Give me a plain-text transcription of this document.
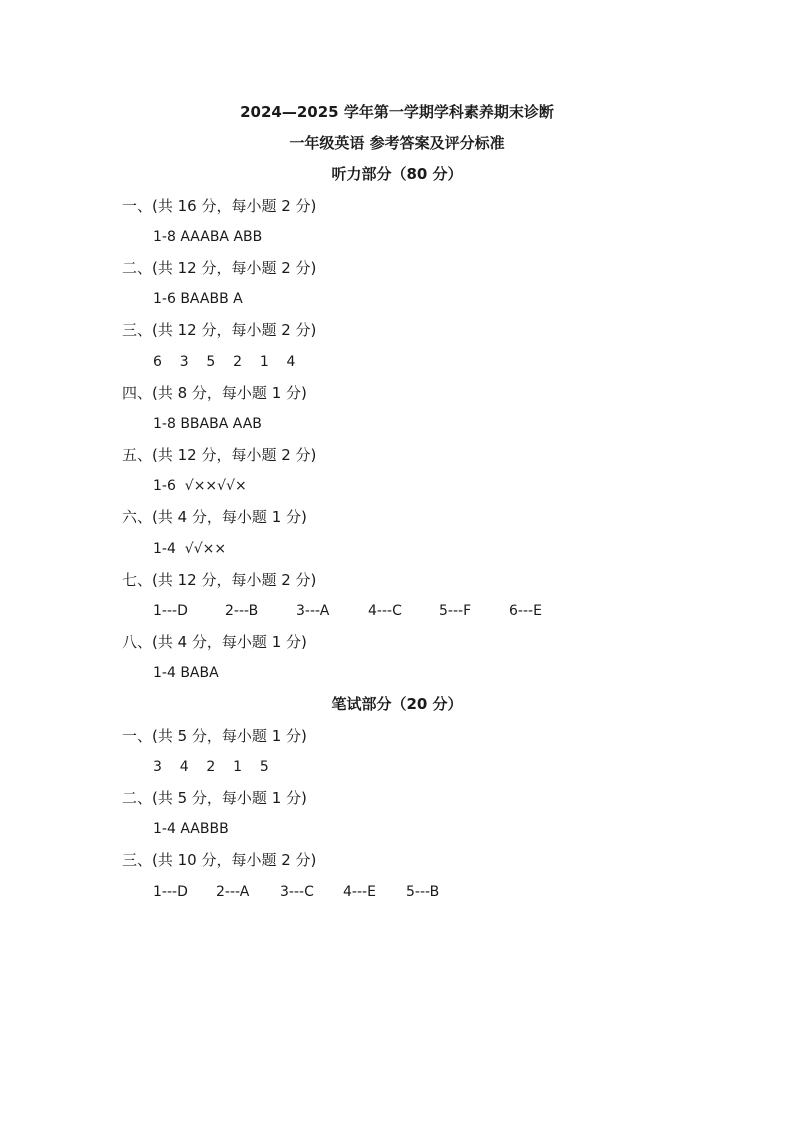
2024—2025 学年第一学期学科素养期末诊断
一年级英语 参考答案及评分标准
听力部分（80 分）
一、(共 16 分，每小题 2 分)
1-8 AAABA ABB
二、(共 12 分，每小题 2 分)
1-6 BAABB A
三、(共 12 分，每小题 2 分)
6    3    5    2    1    4
四、(共 8 分，每小题 1 分)
1-8 BBABA AAB
五、(共 12 分，每小题 2 分)
1-6  √××√√×
六、(共 4 分，每小题 1 分)
1-4  √√××
七、(共 12 分，每小题 2 分)
1---D	2---B	3---A	4---C	5---F	6---E
八、(共 4 分，每小题 1 分)
1-4 BABA
笔试部分（20 分）
一、(共 5 分，每小题 1 分)
3    4    2    1    5
二、(共 5 分，每小题 1 分)
1-4 AABBB
三、(共 10 分，每小题 2 分)
1---D 2---A 3---C 4---E 5---B
